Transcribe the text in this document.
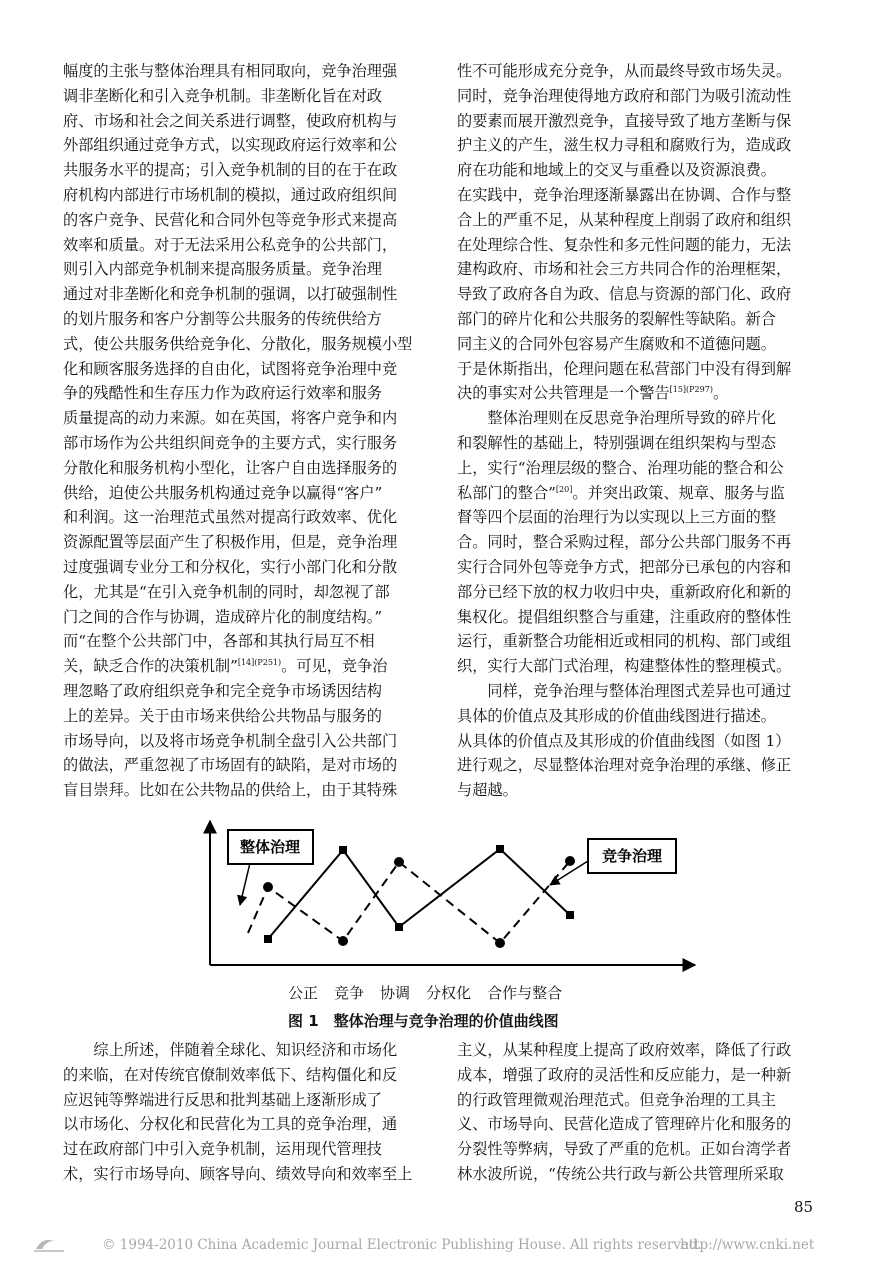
幅度的主张与整体治理具有相同取向，竞争治理强
调非垄断化和引入竞争机制。非垄断化旨在对政
府、市场和社会之间关系进行调整，使政府机构与
外部组织通过竞争方式，以实现政府运行效率和公
共服务水平的提高；引入竞争机制的目的在于在政
府机构内部进行市场机制的模拟，通过政府组织间
的客户竞争、民营化和合同外包等竞争形式来提高
效率和质量。对于无法采用公私竞争的公共部门，
则引入内部竞争机制来提高服务质量。竞争治理
通过对非垄断化和竞争机制的强调，以打破强制性
的划片服务和客户分割等公共服务的传统供给方
式，使公共服务供给竞争化、分散化，服务规模小型
化和顾客服务选择的自由化，试图将竞争治理中竞
争的残酷性和生存压力作为政府运行效率和服务
质量提高的动力来源。如在英国，将客户竞争和内
部市场作为公共组织间竞争的主要方式，实行服务
分散化和服务机构小型化，让客户自由选择服务的
供给，迫使公共服务机构通过竞争以赢得“客户”
和利润。这一治理范式虽然对提高行政效率、优化
资源配置等层面产生了积极作用，但是，竞争治理
过度强调专业分工和分权化，实行小部门化和分散
化，尤其是“在引入竞争机制的同时，却忽视了部
门之间的合作与协调，造成碎片化的制度结构。”
而“在整个公共部门中，各部和其执行局互不相
关，缺乏合作的决策机制”$^{[14](P251)}$。可见，竞争治
理忽略了政府组织竞争和完全竞争市场诱因结构
上的差异。关于由市场来供给公共物品与服务的
市场导向，以及将市场竞争机制全盘引入公共部门
的做法，严重忽视了市场固有的缺陷，是对市场的
盲目崇拜。比如在公共物品的供给上，由于其特殊
性不可能形成充分竞争，从而最终导致市场失灵。
同时，竞争治理使得地方政府和部门为吸引流动性
的要素而展开激烈竞争，直接导致了地方垄断与保
护主义的产生，滋生权力寻租和腐败行为，造成政
府在功能和地域上的交叉与重叠以及资源浪费。
在实践中，竞争治理逐渐暴露出在协调、合作与整
合上的严重不足，从某种程度上削弱了政府和组织
在处理综合性、复杂性和多元性问题的能力，无法
建构政府、市场和社会三方共同合作的治理框架，
导致了政府各自为政、信息与资源的部门化、政府
部门的碎片化和公共服务的裂解性等缺陷。新合
同主义的合同外包容易产生腐败和不道德问题。
于是休斯指出，伦理问题在私营部门中没有得到解
决的事实对公共管理是一个警告$^{[15](P297)}$。
　　整体治理则在反思竞争治理所导致的碎片化
和裂解性的基础上，特别强调在组织架构与型态
上，实行“治理层级的整合、治理功能的整合和公
私部门的整合”[20]。并突出政策、规章、服务与监
督等四个层面的治理行为以实现以上三方面的整
合。同时，整合采购过程，部分公共部门服务不再
实行合同外包等竞争方式，把部分已承包的内容和
部分已经下放的权力收归中央，重新政府化和新的
集权化。提倡组织整合与重建，注重政府的整体性
运行，重新整合功能相近或相同的机构、部门或组
织，实行大部门式治理，构建整体性的整理模式。
　　同样，竞争治理与整体治理图式差异也可通过
具体的价值点及其形成的价值曲线图进行描述。
从具体的价值点及其形成的价值曲线图（如图 1）
进行观之，尽显整体治理对竞争治理的承继、修正
与超越。
整体治理	竞争治理
公正 竞争 协调 分权化 合作与整合
图 1　整体治理与竞争治理的价值曲线图
　　综上所述，伴随着全球化、知识经济和市场化
的来临，在对传统官僚制效率低下、结构僵化和反
应迟钝等弊端进行反思和批判基础上逐渐形成了
以市场化、分权化和民营化为工具的竞争治理，通
过在政府部门中引入竞争机制，运用现代管理技
术，实行市场导向、顾客导向、绩效导向和效率至上
主义，从某种程度上提高了政府效率，降低了行政
成本，增强了政府的灵活性和反应能力，是一种新
的行政管理微观治理范式。但竞争治理的工具主
义、市场导向、民营化造成了管理碎片化和服务的
分裂性等弊病，导致了严重的危机。正如台湾学者
林水波所说，“传统公共行政与新公共管理所采取
85
© 1994-2010 China Academic Journal Electronic Publishing House. All rights reserved.
http://www.cnki.net
